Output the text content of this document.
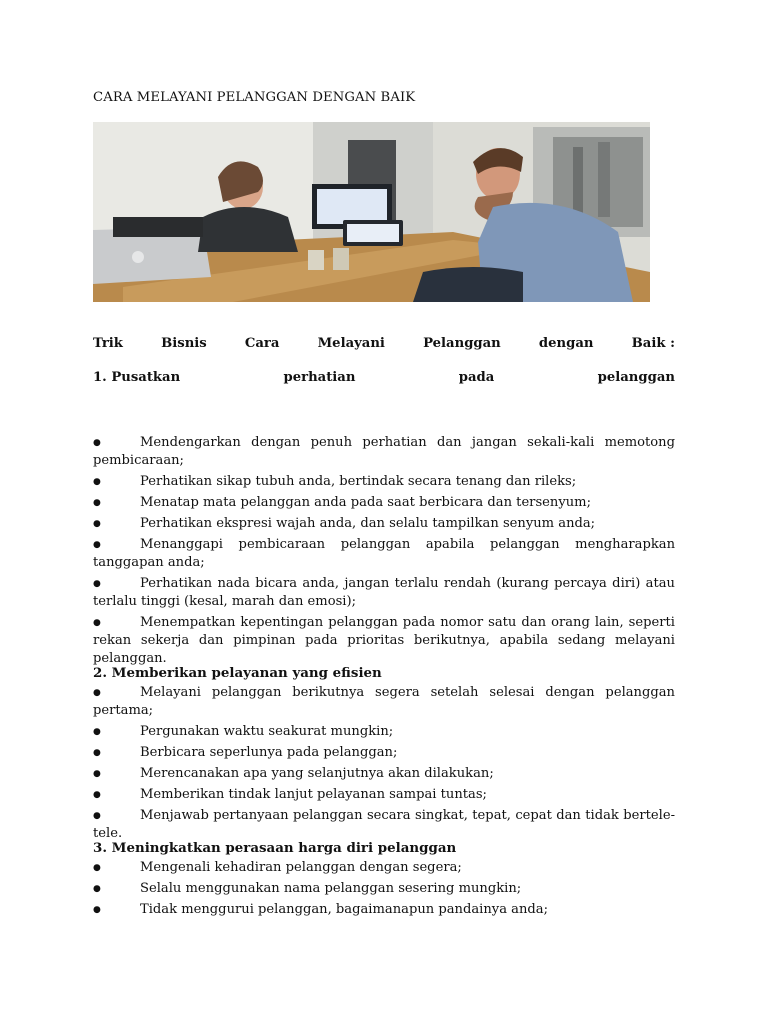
CARA MELAYANI PELANGGAN DENGAN BAIK
Trik	Bisnis	Cara	Melayani	Pelanggan	dengan	Baik :
1. Pusatkan	perhatian	pada	pelanggan

●	Mendengarkan dengan penuh perhatian dan jangan sekali-kali memotong pembicaraan;

●	Perhatikan sikap tubuh anda, bertindak secara tenang dan rileks;

●	Menatap mata pelanggan anda pada saat berbicara dan tersenyum;

●	Perhatikan ekspresi wajah anda, dan selalu tampilkan senyum anda;

●	Menanggapi pembicaraan pelanggan apabila pelanggan mengharapkan tanggapan anda;

●	Perhatikan nada bicara anda, jangan terlalu rendah (kurang percaya diri) atau terlalu tinggi (kesal, marah dan emosi);

●	Menempatkan kepentingan pelanggan pada nomor satu dan orang lain, seperti rekan sekerja dan pimpinan pada prioritas berikutnya, apabila sedang melayani pelanggan.

2. Memberikan pelayanan yang efisien

●	Melayani pelanggan berikutnya segera setelah selesai dengan pelanggan pertama;

●	Pergunakan waktu seakurat mungkin;

●	Berbicara seperlunya pada pelanggan;

●	Merencanakan apa yang selanjutnya akan dilakukan;

●	Memberikan tindak lanjut pelayanan sampai tuntas;

●	Menjawab pertanyaan pelanggan secara singkat, tepat, cepat dan tidak bertele-tele.

3. Meningkatkan perasaan harga diri pelanggan

●	Mengenali kehadiran pelanggan dengan segera;

●	Selalu menggunakan nama pelanggan sesering mungkin;

●	Tidak menggurui pelanggan, bagaimanapun pandainya anda;
